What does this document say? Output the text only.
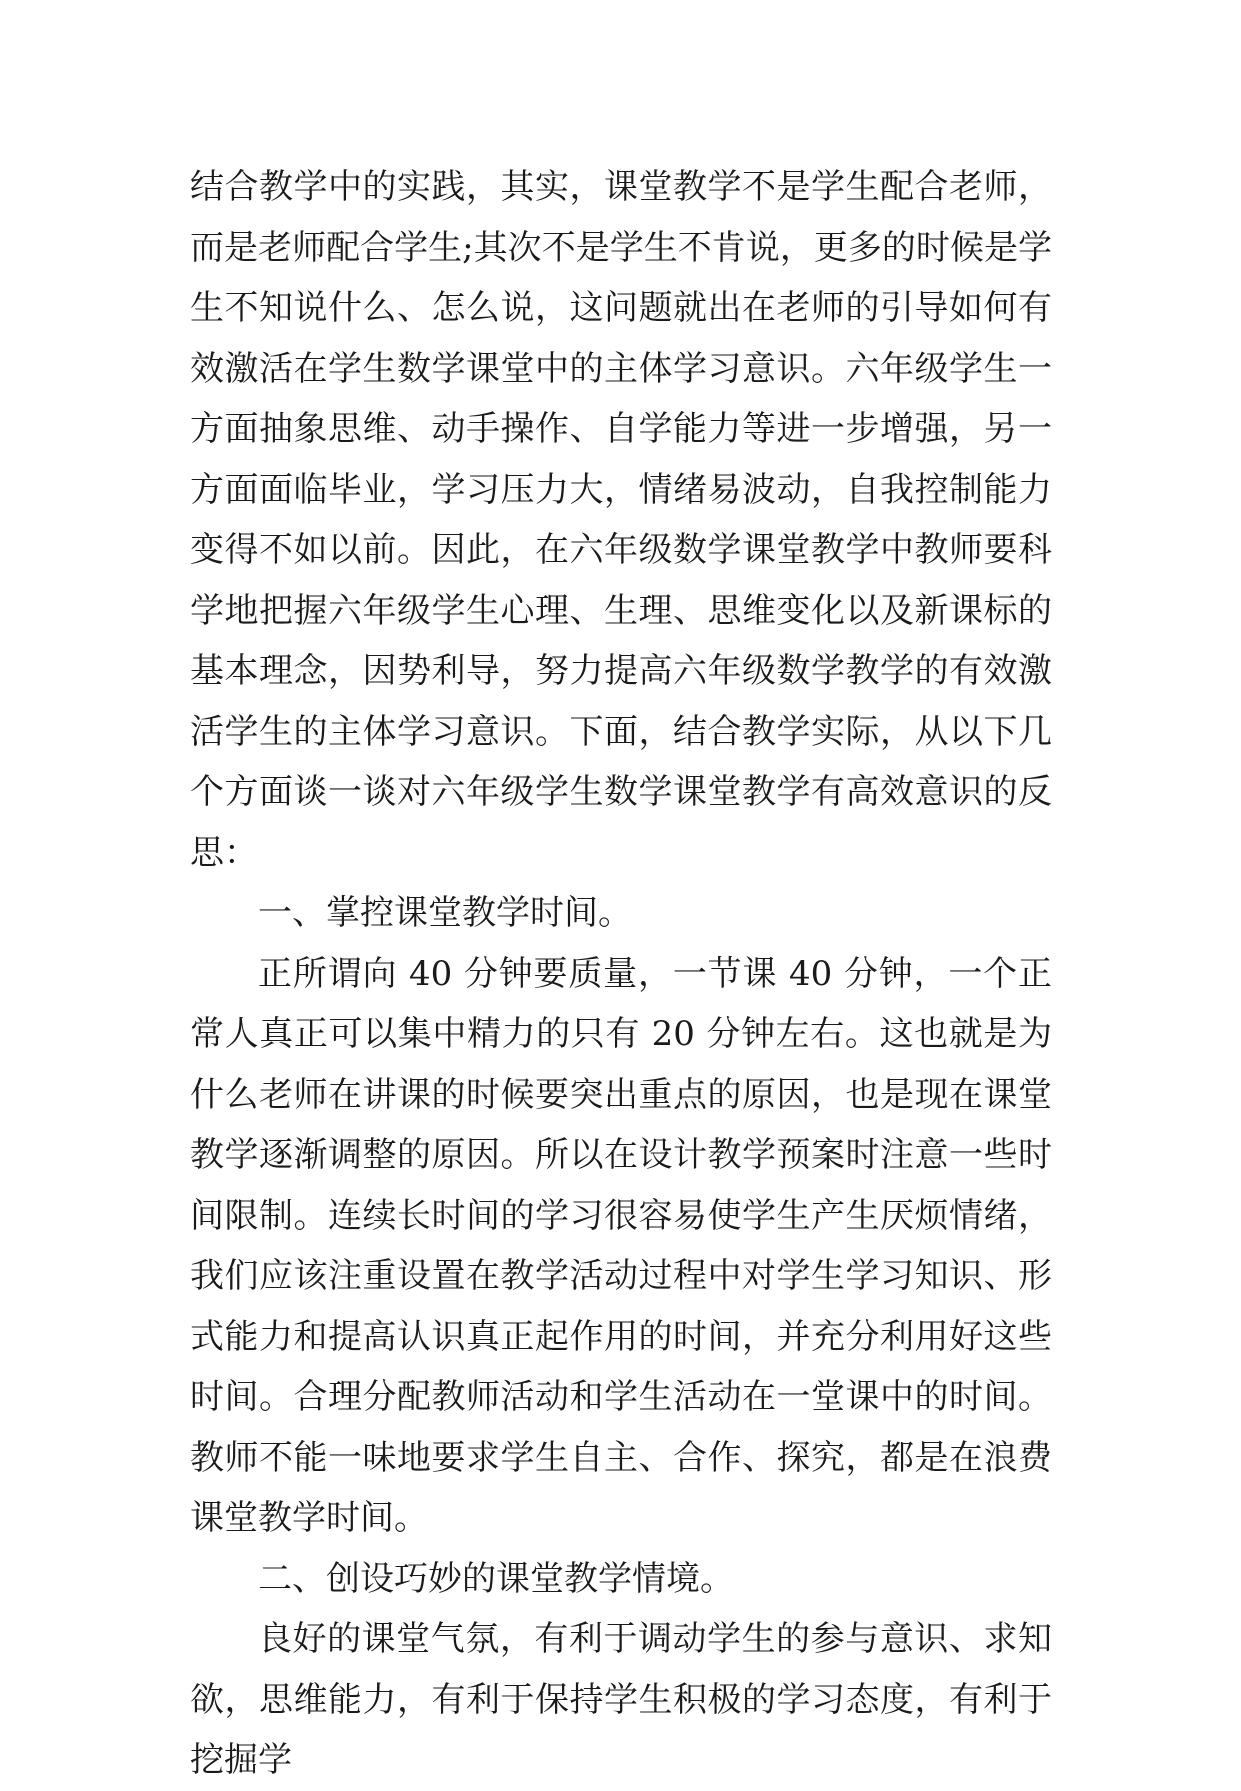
结合教学中的实践，其实，课堂教学不是学生配合老师，而是老师配合学生;其次不是学生不肯说，更多的时候是学生不知说什么、怎么说，这问题就出在老师的引导如何有效激活在学生数学课堂中的主体学习意识。六年级学生一方面抽象思维、动手操作、自学能力等进一步增强，另一方面面临毕业，学习压力大，情绪易波动，自我控制能力变得不如以前。因此，在六年级数学课堂教学中教师要科学地把握六年级学生心理、生理、思维变化以及新课标的基本理念，因势利导，努力提高六年级数学教学的有效激活学生的主体学习意识。下面，结合教学实际，从以下几个方面谈一谈对六年级学生数学课堂教学有高效意识的反思：

一、掌控课堂教学时间。

正所谓向 40 分钟要质量，一节课 40 分钟，一个正常人真正可以集中精力的只有 20 分钟左右。这也就是为什么老师在讲课的时候要突出重点的原因，也是现在课堂教学逐渐调整的原因。所以在设计教学预案时注意一些时间限制。连续长时间的学习很容易使学生产生厌烦情绪，我们应该注重设置在教学活动过程中对学生学习知识、形式能力和提高认识真正起作用的时间，并充分利用好这些时间。合理分配教师活动和学生活动在一堂课中的时间。教师不能一味地要求学生自主、合作、探究，都是在浪费课堂教学时间。

二、创设巧妙的课堂教学情境。

良好的课堂气氛，有利于调动学生的参与意识、求知欲，思维能力，有利于保持学生积极的学习态度，有利于挖掘学
